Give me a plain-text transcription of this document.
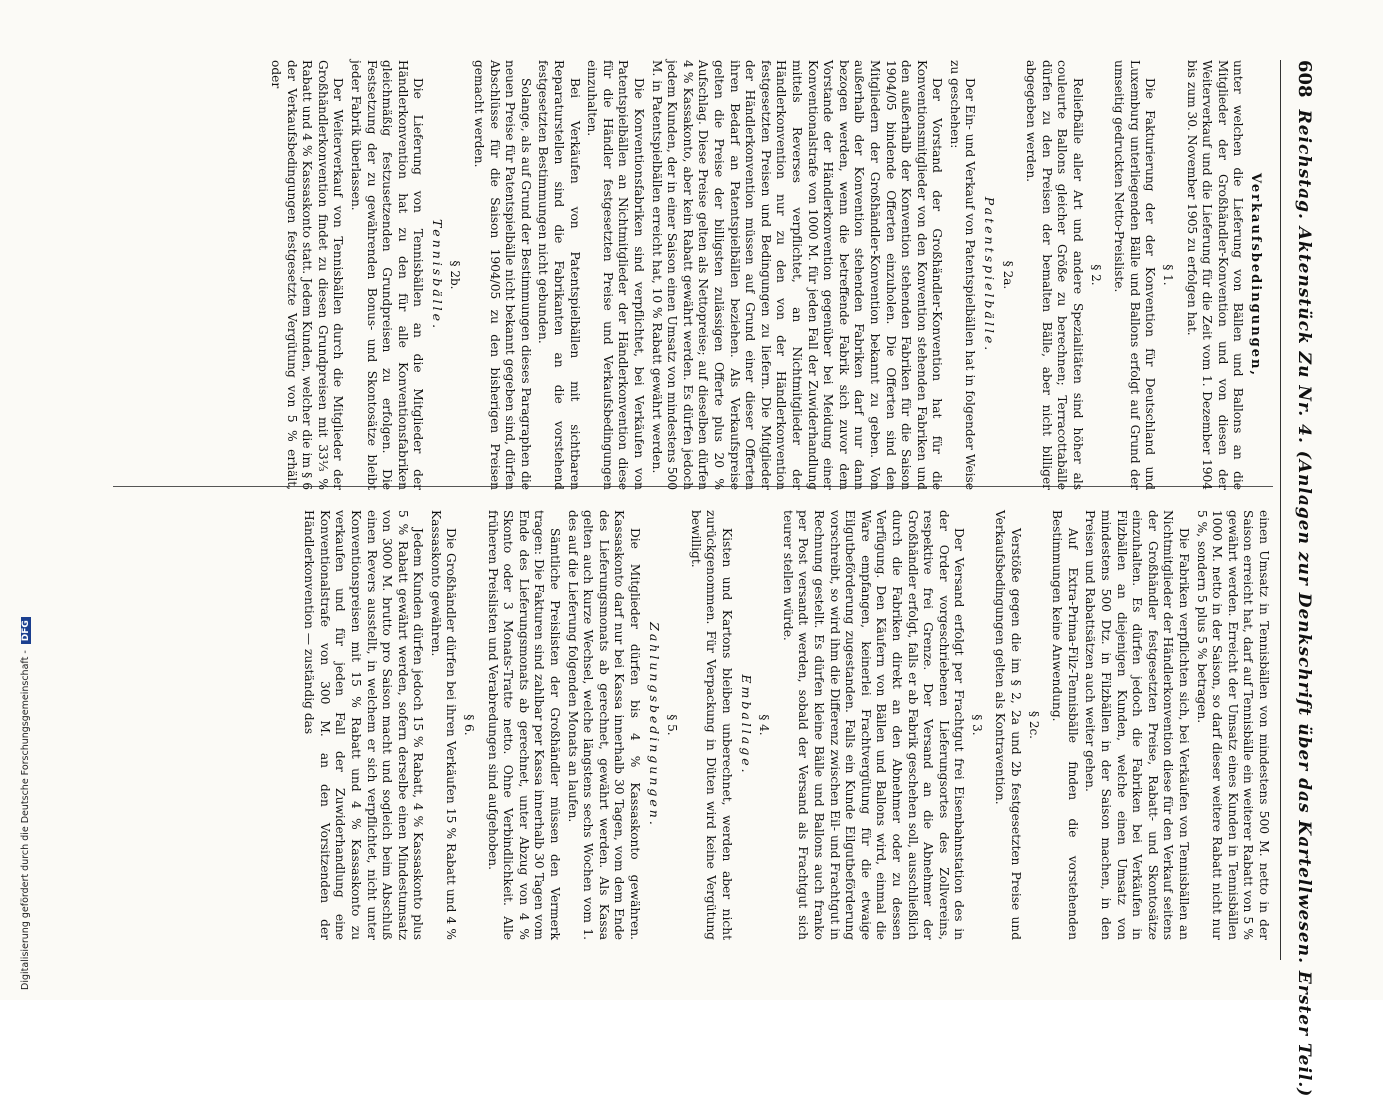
608
Reichstag. Aktenstück Zu Nr. 4. (Anlagen zur Denkschrift über das Kartellwesen. Erster Teil.)
Verkaufsbedingungen,

unter welchen die Lieferung von Bällen und Ballons an die Mitglieder der Großhändler-Konvention und von diesen der Weiterverkauf und die Lieferung für die Zeit vom 1. Dezember 1904 bis zum 30. November 1905 zu erfolgen hat.

§ 1.

Die Fakturierung der der Konvention für Deutschland und Luxemburg unterliegenden Bälle und Ballons erfolgt auf Grund der umseitig gedruckten Netto-Preisliste.

§ 2.

Reliefbälle aller Art und andere Spezialitäten sind höher als couleurte Ballons gleicher Größe zu berechnen; Terracottabälle dürfen zu den Preisen der bemalten Bälle, aber nicht billiger abgegeben werden.

§ 2a.
Patentspielbälle.

Der Ein- und Verkauf von Patentspielbällen hat in folgender Weise zu geschehen:

Der Vorstand der Großhändler-Konvention hat für die Konventionsmitglieder von den Konvention stehenden Fabriken und den außerhalb der Konvention stehenden Fabriken für die Saison 1904/05 bindende Offerten einzuholen. Die Offerten sind den Mitgliedern der Großhändler-Konvention bekannt zu geben. Von außerhalb der Konvention stehenden Fabriken darf nur dann bezogen werden, wenn die betreffende Fabrik sich zuvor dem Vorstande der Händlerkonvention gegenüber bei Meidung einer Konventionalstrafe von 1000 M. für jeden Fall der Zuwiderhandlung mittels Reverses verpflichtet, an Nichtmitglieder der Händlerkonvention nur zu den von der Händlerkonvention festgesetzten Preisen und Bedingungen zu liefern. Die Mitglieder der Händlerkonvention müssen auf Grund einer dieser Offerten ihren Bedarf an Patentspielbällen beziehen. Als Verkaufspreise gelten die Preise der billigsten zulässigen Offerte plus 20 % Aufschlag. Diese Preise gelten als Nettopreise; auf dieselben dürfen 4 % Kassakonto, aber kein Rabatt gewährt werden. Es dürfen jedoch jedem Kunden, der in einer Saison einen Umsatz von mindestens 500 M. in Patentspielbällen erreicht hat, 10 % Rabatt gewährt werden.

Die Konventionsfabriken sind verpflichtet, bei Verkäufen von Patentspielbällen an Nichtmitglieder der Händlerkonvention diese für die Händler festgesetzten Preise und Verkaufsbedingungen einzuhalten.

Bei Verkäufen von Patentspielbällen mit sichtbaren Reparaturstellen sind die Fabrikanten an die vorstehend festgesetzten Bestimmungen nicht gebunden.

Solange, als auf Grund der Bestimmungen dieses Paragraphen die neuen Preise für Patentspielbälle nicht bekannt gegeben sind, dürfen Abschlüsse für die Saison 1904/05 zu den bisherigen Preisen gemacht werden.

§ 2b.
Tennisbälle.

Die Lieferung von Tennisbällen an die Mitglieder der Händlerkonvention hat zu den für alle Konventionsfabriken gleichmäßig festzusetzenden Grundpreisen zu erfolgen. Die Festsetzung der zu gewährenden Bonus- und Skontosätze bleibt jeder Fabrik überlassen.

Der Weiterverkauf von Tennisbällen durch die Mitglieder der Großhändlerkonvention findet zu diesen Grundpreisen mit 33⅓ % Rabatt und 4 % Kassaskonto statt. Jedem Kunden, welcher die im § 6 der Verkaufsbedingungen festgesetzte Vergütung von 5 % erhält, oder

einen Umsatz in Tennisbällen von mindestens 500 M. netto in der Saison erreicht hat, darf auf Tennisbälle ein weiterer Rabatt von 5 % gewährt werden. Erreicht der Umsatz eines Kunden in Tennisbällen 1000 M. netto in der Saison, so darf dieser weitere Rabatt nicht nur 5 %, sondern 5 plus 5 % betragen.

Die Fabriken verpflichten sich, bei Verkäufen von Tennisbällen an Nichtmitglieder der Händlerkonvention diese für den Verkauf seitens der Großhändler festgesetzten Preise, Rabatt- und Skontosätze einzuhalten. Es dürfen jedoch die Fabriken bei Verkäufen in Filzbällen an diejenigen Kunden, welche einen Umsatz von mindestens 500 Dtz. in Filzbällen in der Saison machen, in den Preisen und Rabattsätzen auch weiter gehen.

Auf Extra-Prima-Filz-Tennisbälle finden die vorstehenden Bestimmungen keine Anwendung.

§ 2c.

Verstöße gegen die im § 2, 2a und 2b festgesetzten Preise und Verkaufsbedingungen gelten als Kontravention.

§ 3.

Der Versand erfolgt per Frachtgut frei Eisenbahnstation des in der Order vorgeschriebenen Lieferungsortes des Zollvereins, respektive frei Grenze. Der Versand an die Abnehmer der Großhändler erfolgt, falls er ab Fabrik geschehen soll, ausschließlich durch die Fabriken direkt an den Abnehmer oder zu dessen Verfügung. Den Käufern von Bällen und Ballons wird, einmal die Ware empfangen, keinerlei Frachtvergütung für die etwaige Eilgutbeförderung zugestanden. Falls ein Kunde Eilgutbeförderung vorschreibt, so wird ihm die Differenz zwischen Eil- und Frachtgut in Rechnung gestellt. Es dürfen kleine Bälle und Ballons auch franko per Post versandt werden, sobald der Versand als Frachtgut sich teurer stellen würde.

§ 4.
Emballage.

Kisten und Kartons bleiben unberechnet, werden aber nicht zurückgenommen. Für Verpackung in Düten wird keine Vergütung bewilligt.

§ 5.
Zahlungsbedingungen.

Die Mitglieder dürfen bis 4 % Kassaskonto gewähren. Kassaskonto darf nur bei Kassa innerhalb 30 Tagen, vom dem Ende des Lieferungsmonats ab gerechnet, gewährt werden. Als Kassa gelten auch kurze Wechsel, welche längstens sechs Wochen vom 1. des auf die Lieferung folgenden Monats an laufen.

Sämtliche Preislisten der Großhändler müssen den Vermerk tragen: Die Fakturen sind zahlbar per Kassa innerhalb 30 Tagen vom Ende des Lieferungsmonats ab gerechnet, unter Abzug von 4 % Skonto oder 3 Monats-Tratte netto. Ohne Verbindlichkeit. Alle früheren Preislisten und Verabredungen sind aufgehoben.

§ 6.

Die Großhändler dürfen bei ihren Verkäufen 15 % Rabatt und 4 % Kassaskonto gewähren.

Jedem Kunden dürfen jedoch 15 % Rabatt, 4 % Kassaskonto plus 5 % Rabatt gewährt werden, sofern derselbe einen Mindestumsatz von 3000 M. brutto pro Saison macht und sogleich beim Abschluß einen Revers ausstellt, in welchem er sich verpflichtet, nicht unter Konventionspreisen mit 15 % Rabatt und 4 % Kassaskonto zu verkaufen und für jeden Fall der Zuwiderhandlung eine Konventionalstrafe von 300 M. an den Vorsitzenden der Händlerkonvention — zuständig das

Digitalisierung gefördert durch die Deutsche Forschungsgemeinschaft -DFG
